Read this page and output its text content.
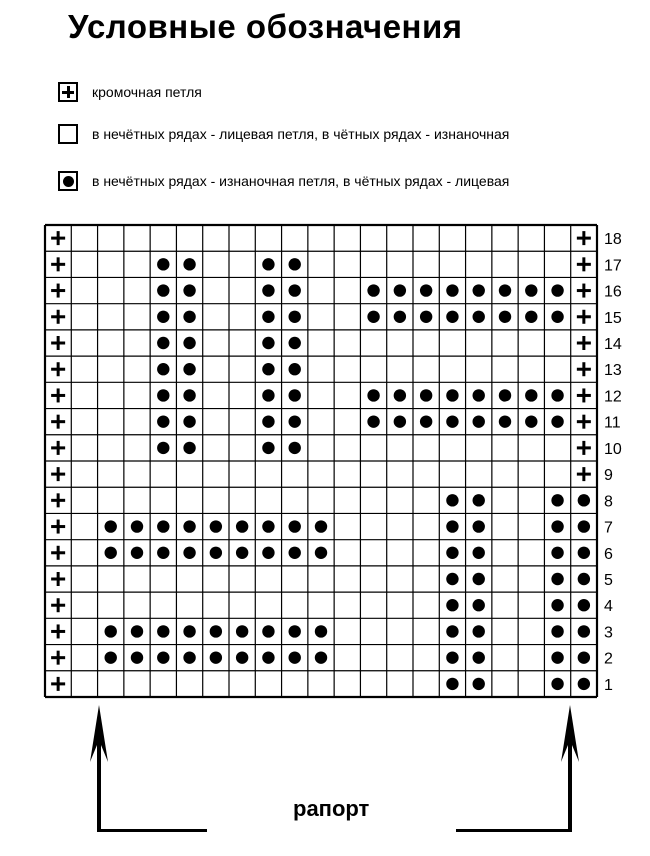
Условные обозначения
кромочная петля
в нечётных рядах - лицевая петля, в чётных рядах - изнаночная
в нечётных рядах - изнаночная петля, в чётных рядах - лицевая
18
17
16
15
14
13
12
11
10
9
8
7
6
5
4
3
2
1
рапорт
